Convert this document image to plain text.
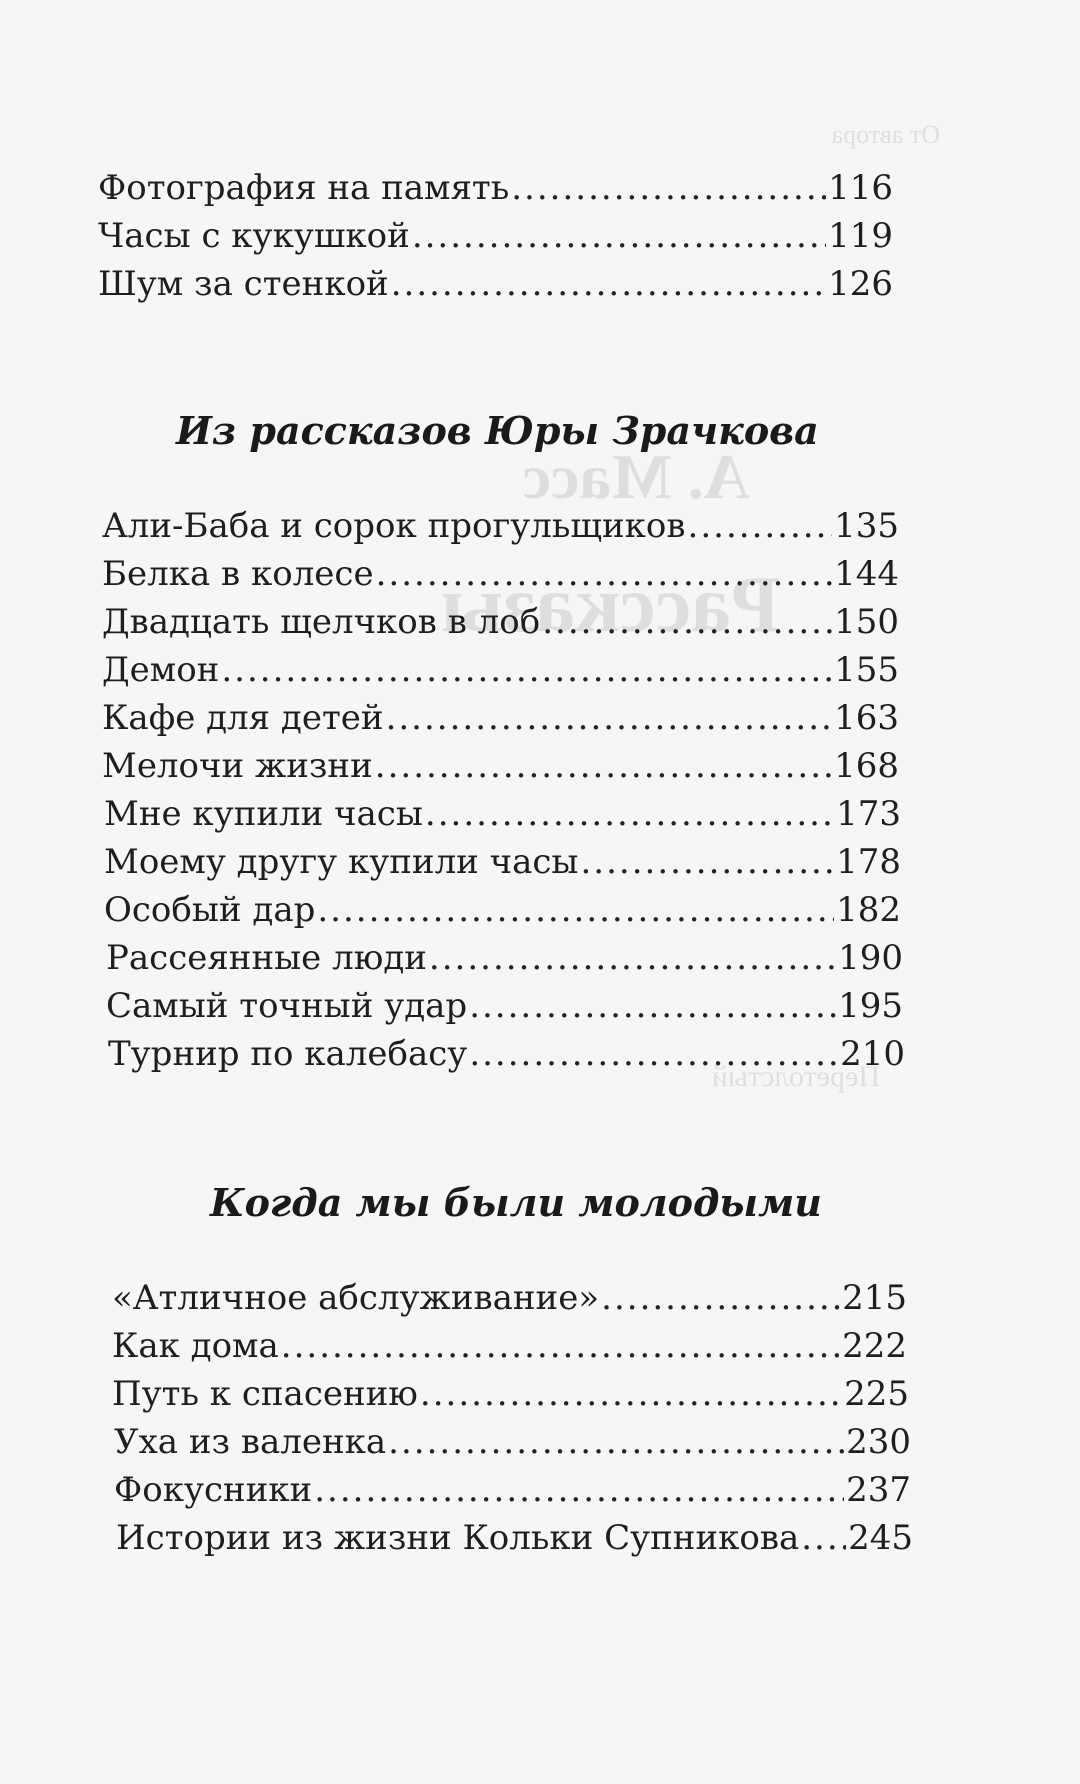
От автора
А. Масс
Рассказы
Перетолстый
Фотография на память .....	116
Часы с кукушкой .....	119
Шум за стенкой .....	126
Из рассказов Юры Зрачкова
Али-Баба и сорок прогульщиков .....	135
Белка в колесе .....	144
Двадцать щелчков в лоб .....	150
Демон .....	155
Кафе для детей .....	163
Мелочи жизни .....	168
Мне купили часы .....	173
Моему другу купили часы .....	178
Особый дар .....	182
Рассеянные люди .....	190
Самый точный удар .....	195
Турнир по калебасу .....	210
Когда мы были молодыми
«Атличное абслуживание» .....	215
Как дома .....	222
Путь к спасению .....	225
Уха из валенка .....	230
Фокусники .....	237
Истории из жизни Кольки Супникова ..... 245
